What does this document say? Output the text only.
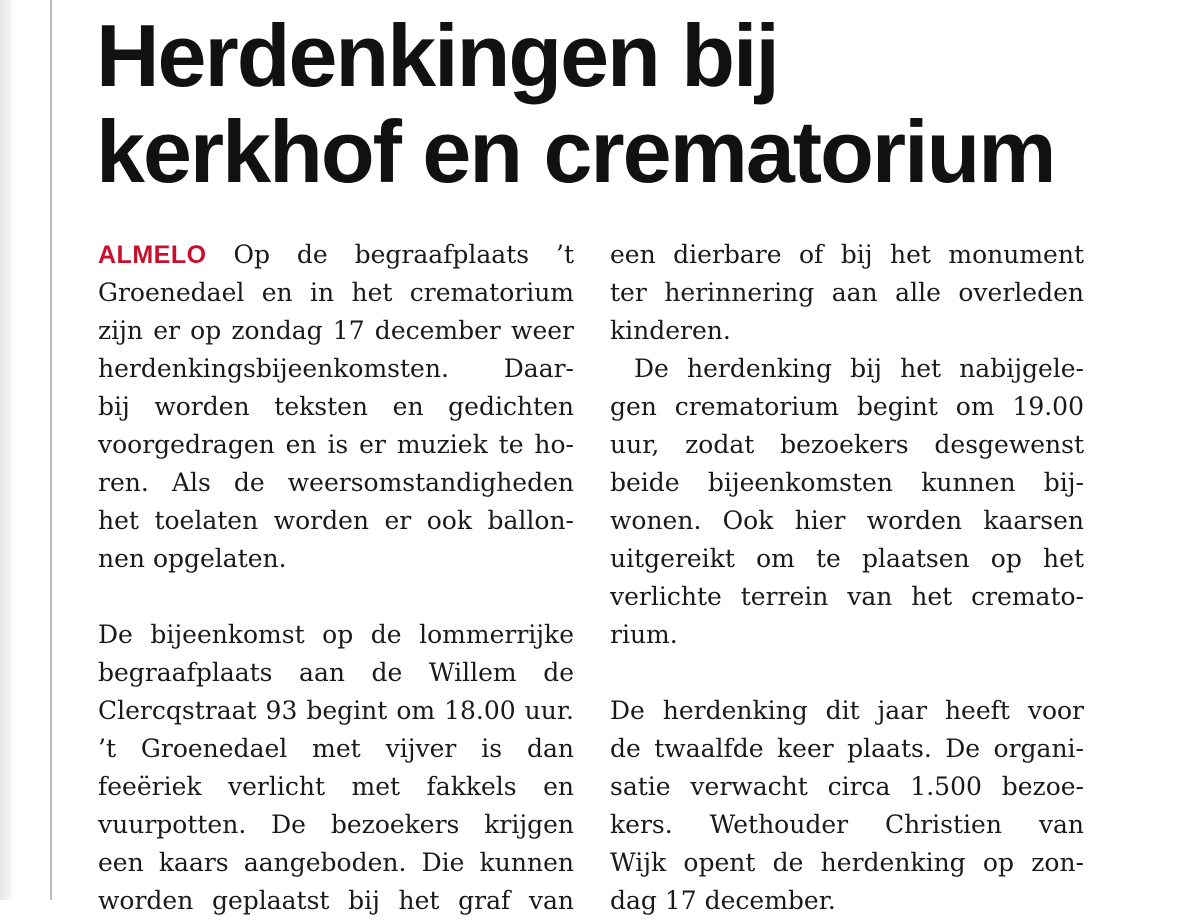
Herdenkingen bij
kerkhof en crematorium
ALMELO Op de begraafplaats ’t
Groenedael en in het crematorium
zijn er op zondag 17 december weer
herdenkingsbijeenkomsten. Daar-
bij worden teksten en gedichten
voorgedragen en is er muziek te ho-
ren. Als de weersomstandigheden
het toelaten worden er ook ballon-
nen opgelaten.
De bijeenkomst op de lommerrijke
begraafplaats aan de Willem de
Clercqstraat 93 begint om 18.00 uur.
’t Groenedael met vijver is dan
feeëriek verlicht met fakkels en
vuurpotten. De bezoekers krijgen
een kaars aangeboden. Die kunnen
worden geplaatst bij het graf van
een dierbare of bij het monument
ter herinnering aan alle overleden
kinderen.
De herdenking bij het nabijgele-
gen crematorium begint om 19.00
uur, zodat bezoekers desgewenst
beide bijeenkomsten kunnen bij-
wonen. Ook hier worden kaarsen
uitgereikt om te plaatsen op het
verlichte terrein van het cremato-
rium.
De herdenking dit jaar heeft voor
de twaalfde keer plaats. De organi-
satie verwacht circa 1.500 bezoe-
kers. Wethouder Christien van
Wijk opent de herdenking op zon-
dag 17 december.
